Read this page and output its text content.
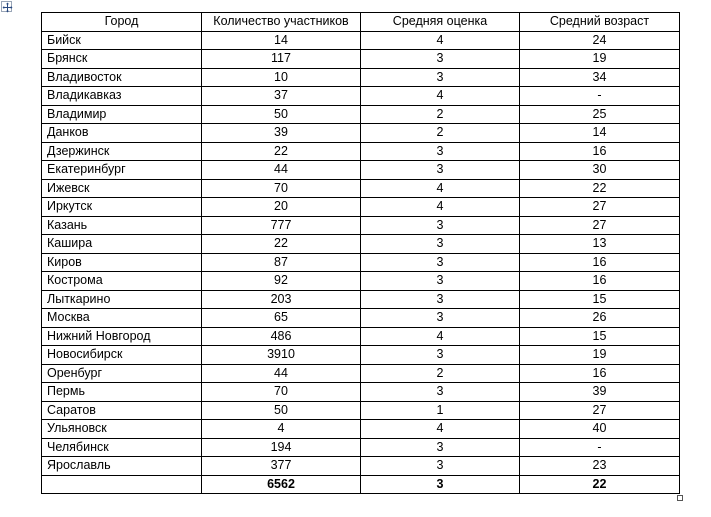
Город	Количество участников	Средняя оценка	Средний возраст
Бийск	14	4	24
Брянск	117	3	19
Владивосток	10	3	34
Владикавказ	37	4	-
Владимир	50	2	25
Данков	39	2	14
Дзержинск	22	3	16
Екатеринбург	44	3	30
Ижевск	70	4	22
Иркутск	20	4	27
Казань	777	3	27
Кашира	22	3	13
Киров	87	3	16
Кострома	92	3	16
Лыткарино	203	3	15
Москва	65	3	26
Нижний Новгород	486	4	15
Новосибирск	3910	3	19
Оренбург	44	2	16
Пермь	70	3	39
Саратов	50	1	27
Ульяновск	4	4	40
Челябинск	194	3	-
Ярославль	377	3	23
	6562	3	22
